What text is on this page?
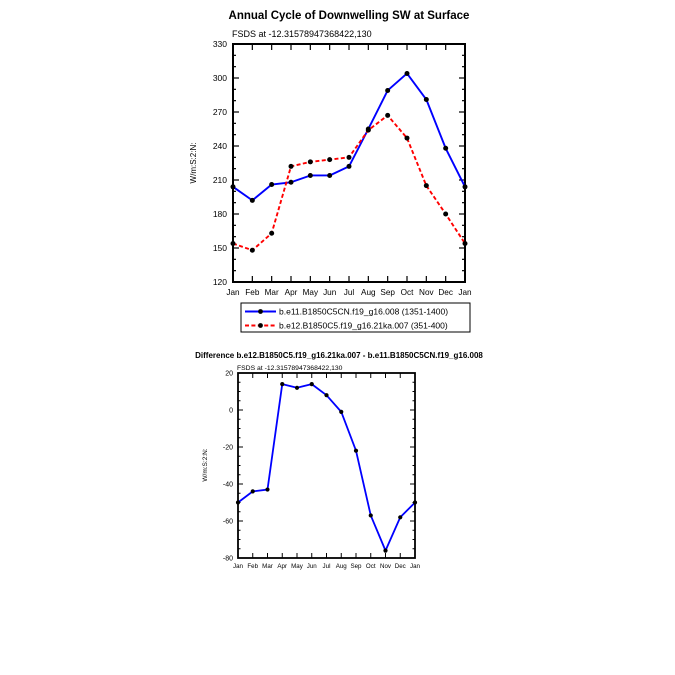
Jan Feb Mar Apr May Jun Jul Aug Sep Oct Nov Dec Jan
120
150
180
210
240
270
300
330
Jan Feb Mar Apr May Jun Jul Aug Sep Oct Nov Dec Jan
-80
-60
-40
-20
0
20
Annual Cycle of Downwelling SW at Surface
FSDS at -12.31578947368422,130
W/m:S:2:N:
b.e11.B1850C5CN.f19_g16.008 (1351-1400)
b.e12.B1850C5.f19_g16.21ka.007 (351-400)
Difference b.e12.B1850C5.f19_g16.21ka.007 - b.e11.B1850C5CN.f19_g16.008
FSDS at -12.31578947368422,130
W/m:S:2:N:
